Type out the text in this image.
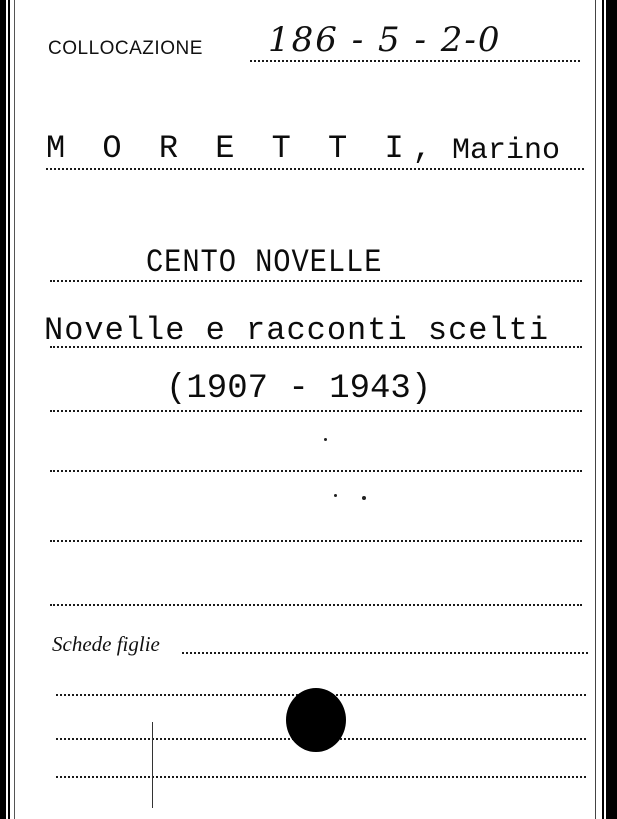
COLLOCAZIONE 186 - 5 - 2-0
M O R E T T I, Marino
CENTO NOVELLE
Novelle e racconti scelti
(1907 - 1943)
Schede figlie
